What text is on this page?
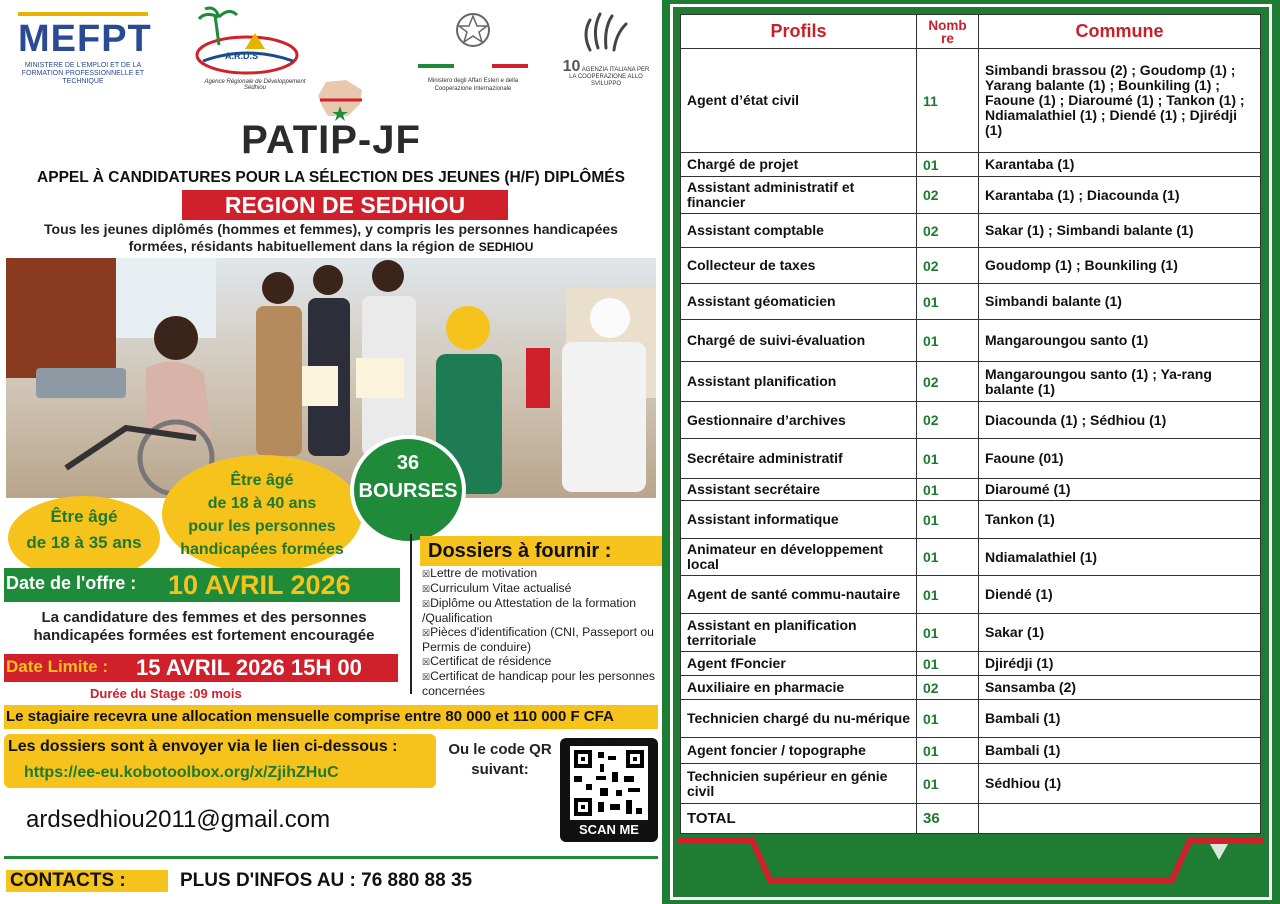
MEFPT
MINISTERE DE L'EMPLOI ET DE LA FORMATION PROFESSIONNELLE ET TECHNIQUE
A.R.D.S
Agence Régionale de Développement Sédhiou

Ministero degli Affari Esteri e della Cooperazione Internazionale
10 AGENZIA ITALIANA PER LA COOPERAZIONE ALLO SVILUPPO
PATIP-JF
APPEL À CANDIDATURES POUR LA SÉLECTION DES JEUNES (H/F) DIPLÔMÉS
REGION DE SEDHIOU
Tous les jeunes diplômés (hommes et femmes), y compris les personnes handicapées
formées, résidants habituellement dans la région de SEDHIOU
Être âgé
de 18 à 35 ans
Être âgé
de 18 à 40 ans
pour les personnes
handicapées formées
36
BOURSES
Date de l'offre : 10 AVRIL 2026
La candidature des femmes et des personnes
handicapées formées est fortement encouragée
Date Limite : 15 AVRIL 2026 15H 00
Durée du Stage :09 mois
Dossiers à fournir :
☒ Lettre de motivation
☒ Curriculum Vitae actualisé
☒ Diplôme ou Attestation de la formation /Qualification
☒ Pièces d'identification (CNI, Passeport ou Permis de conduire)
☒ Certificat de résidence
☒ Certificat de handicap pour les personnes concernées
Le stagiaire recevra une allocation mensuelle comprise entre 80 000 et 110 000 F CFA
Les dossiers sont à envoyer via le lien ci-dessous :
https://ee-eu.kobotoolbox.org/x/ZjihZHuC
Ou le code QR
suivant:
SCAN ME
ardsedhiou2011@gmail.com
CONTACTS :	PLUS D'INFOS AU : 76 880 88 35
Profils	Nomb
re	Commune
Agent d’état civil	11	Simbandi brassou (2) ; Goudomp (1) ; Yarang balante (1) ; Bounkiling (1) ; Faoune (1) ; Diaroumé (1) ; Tankon (1) ; Ndiamalathiel (1) ; Diendé (1) ; Djirédji (1)
Chargé de projet	01	Karantaba (1)
Assistant administratif et financier	02	Karantaba (1) ; Diacounda (1)
Assistant comptable	02	Sakar (1) ; Simbandi balante (1)
Collecteur de taxes	02	Goudomp (1) ; Bounkiling (1)
Assistant géomaticien	01	Simbandi balante (1)
Chargé de suivi-évaluation	01	Mangaroungou santo (1)
Assistant planification	02	Mangaroungou santo (1) ; Ya-rang balante (1)
Gestionnaire d’archives	02	Diacounda (1) ; Sédhiou (1)
Secrétaire administratif	01	Faoune (01)
Assistant secrétaire	01	Diaroumé (1)
Assistant informatique	01	Tankon (1)
Animateur en développement local	01	Ndiamalathiel (1)
Agent de santé commu-nautaire	01	Diendé (1)
Assistant en planification territoriale	01	Sakar (1)
Agent fFoncier	01	Djirédji (1)
Auxiliaire en pharmacie	02	Sansamba (2)
Technicien chargé du nu-mérique	01	Bambali (1)
Agent foncier / topographe	01	Bambali (1)
Technicien supérieur en génie civil	01	Sédhiou (1)
TOTAL	36	
